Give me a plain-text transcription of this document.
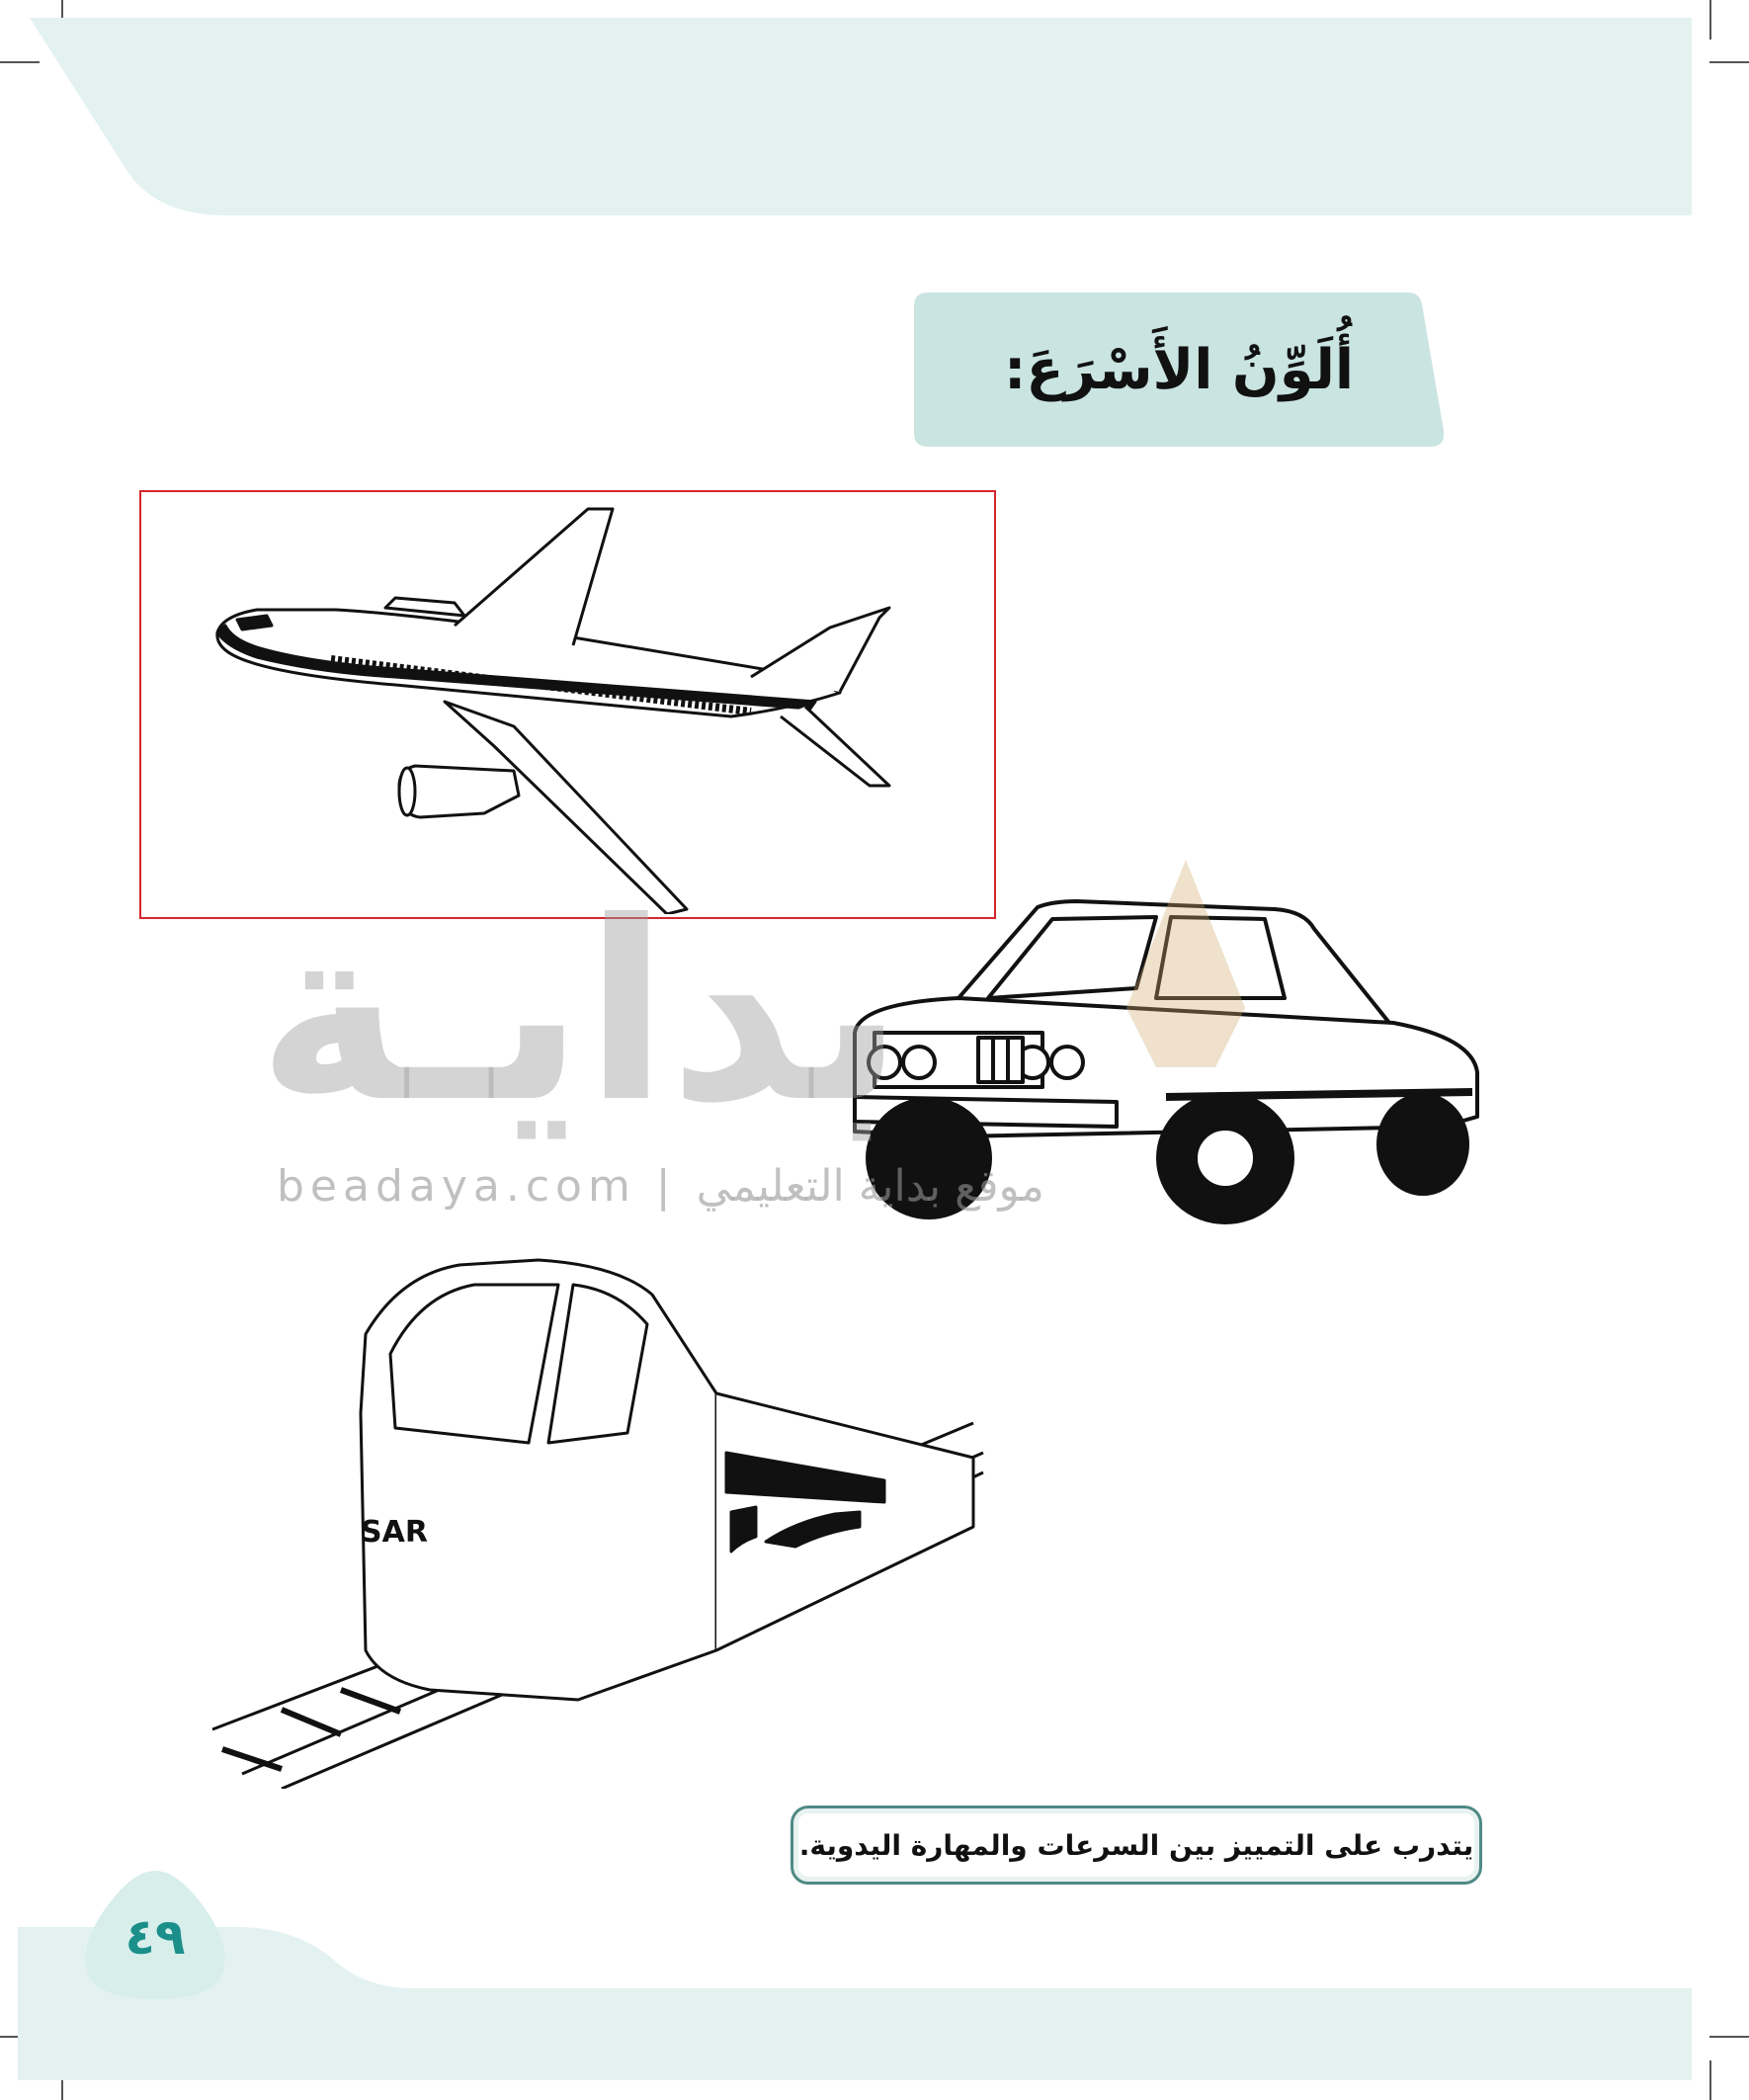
أُلَوِّنُ الأَسْرَعَ:
بدايـة
beadaya.com | موقع بداية التعليمي
SAR
يتدرب على التمييز بين السرعات والمهارة اليدوية.
٤٩
